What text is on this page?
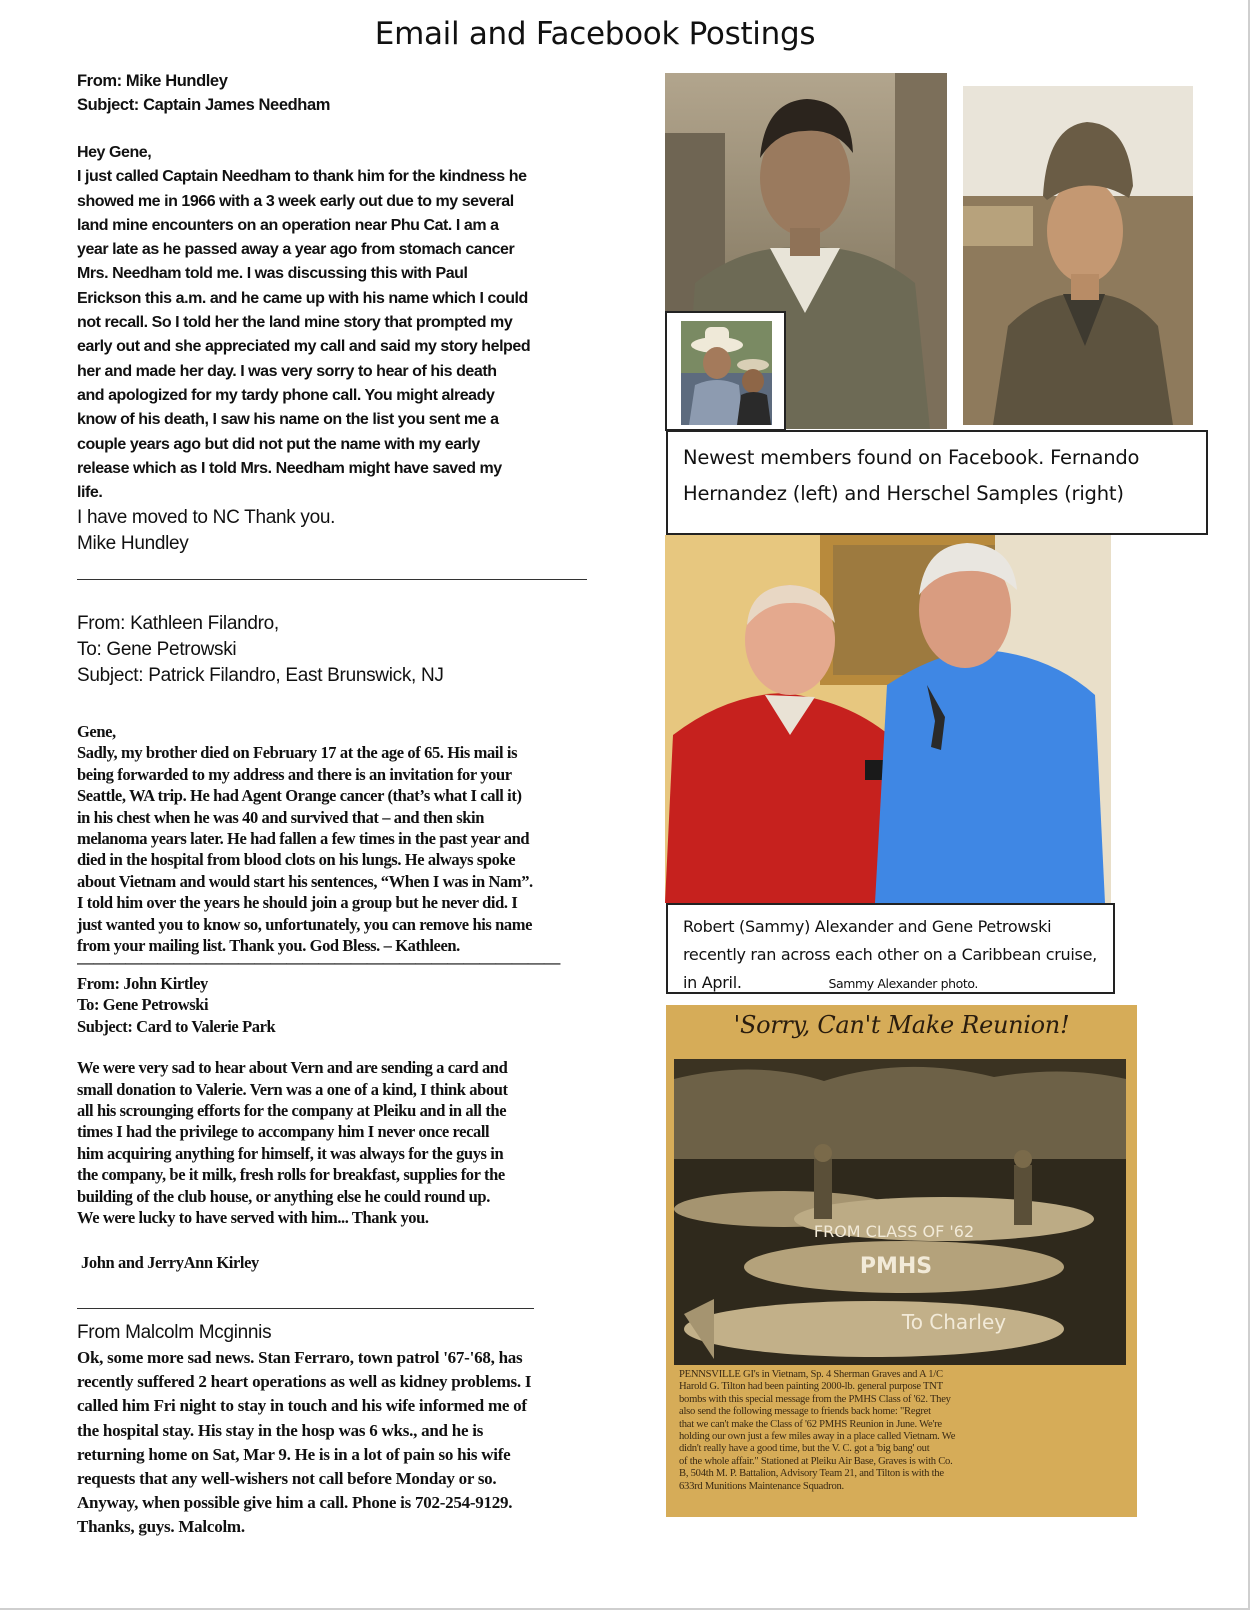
Email and Facebook Postings
From: Mike Hundley
Subject: Captain James Needham

Hey Gene,

I just called Captain Needham to thank him for the kindness he

showed me in 1966 with a 3 week early out due to my several

land mine encounters on an operation near Phu Cat. I am a

year late as he passed away a year ago from stomach cancer

Mrs. Needham told me. I was discussing this with Paul

Erickson this a.m. and he came up with his name which I could

not recall. So I told her the land mine story that prompted my

early out and she appreciated my call and said my story helped

her and made her day. I was very sorry to hear of his death

and apologized for my tardy phone call. You might already

know of his death, I saw his name on the list you sent me a

couple years ago but did not put the name with my early

release which as I told Mrs. Needham might have saved my

life.

I have moved to NC Thank you.

Mike Hundley

From: Kathleen Filandro,

To: Gene Petrowski

Subject: Patrick Filandro, East Brunswick, NJ

Gene,

Sadly, my brother died on February 17 at the age of 65. His mail is

being forwarded to my address and there is an invitation for your

Seattle, WA trip. He had Agent Orange cancer (that’s what I call it)

in his chest when he was 40 and survived that – and then skin

melanoma years later. He had fallen a few times in the past year and

died in the hospital from blood clots on his lungs. He always spoke

about Vietnam and would start his sentences, “When I was in Nam”.

I told him over the years he should join a group but he never did. I

just wanted you to know so, unfortunately, you can remove his name

from your mailing list. Thank you. God Bless. – Kathleen.

——————————————————————————————

From: John Kirtley

To: Gene Petrowski

Subject: Card to Valerie Park

We were very sad to hear about Vern and are sending a card and

small donation to Valerie. Vern was a one of a kind, I think about

all his scrounging efforts for the company at Pleiku and in all the

times I had the privilege to accompany him I never once recall

him acquiring anything for himself, it was always for the guys in

the company, be it milk, fresh rolls for breakfast, supplies for the

building of the club house, or anything else he could round up.

We were lucky to have served with him... Thank you.

John and JerryAnn Kirley

From Malcolm Mcginnis

Ok, some more sad news. Stan Ferraro, town patrol '67-'68, has

recently suffered 2 heart operations as well as kidney problems. I

called him Fri night to stay in touch and his wife informed me of

the hospital stay. His stay in the hosp was 6 wks., and he is

returning home on Sat, Mar 9. He is in a lot of pain so his wife

requests that any well-wishers not call before Monday or so.

Anyway, when possible give him a call. Phone is 702-254-9129.

Thanks, guys. Malcolm.

Newest members found on Facebook. Fernando Hernandez (left) and Herschel Samples (right)
Robert (Sammy) Alexander and Gene Petrowski recently ran across each other on a Caribbean cruise, in April.	Sammy Alexander photo.
'Sorry, Can't Make Reunion!
FROM CLASS OF '62
PMHS
To Charley
PENNSVILLE GI's in Vietnam, Sp. 4 Sherman Graves and A 1/C
Harold G. Tilton had been painting 2000-lb. general purpose TNT
bombs with this special message from the PMHS Class of '62. They
also send the following message to friends back home: "Regret
that we can't make the Class of '62 PMHS Reunion in June. We're
holding our own just a few miles away in a place called Vietnam. We
didn't really have a good time, but the V. C. got a 'big bang' out
of the whole affair." Stationed at Pleiku Air Base, Graves is with Co.
B, 504th M. P. Battalion, Advisory Team 21, and Tilton is with the
633rd Munitions Maintenance Squadron.
